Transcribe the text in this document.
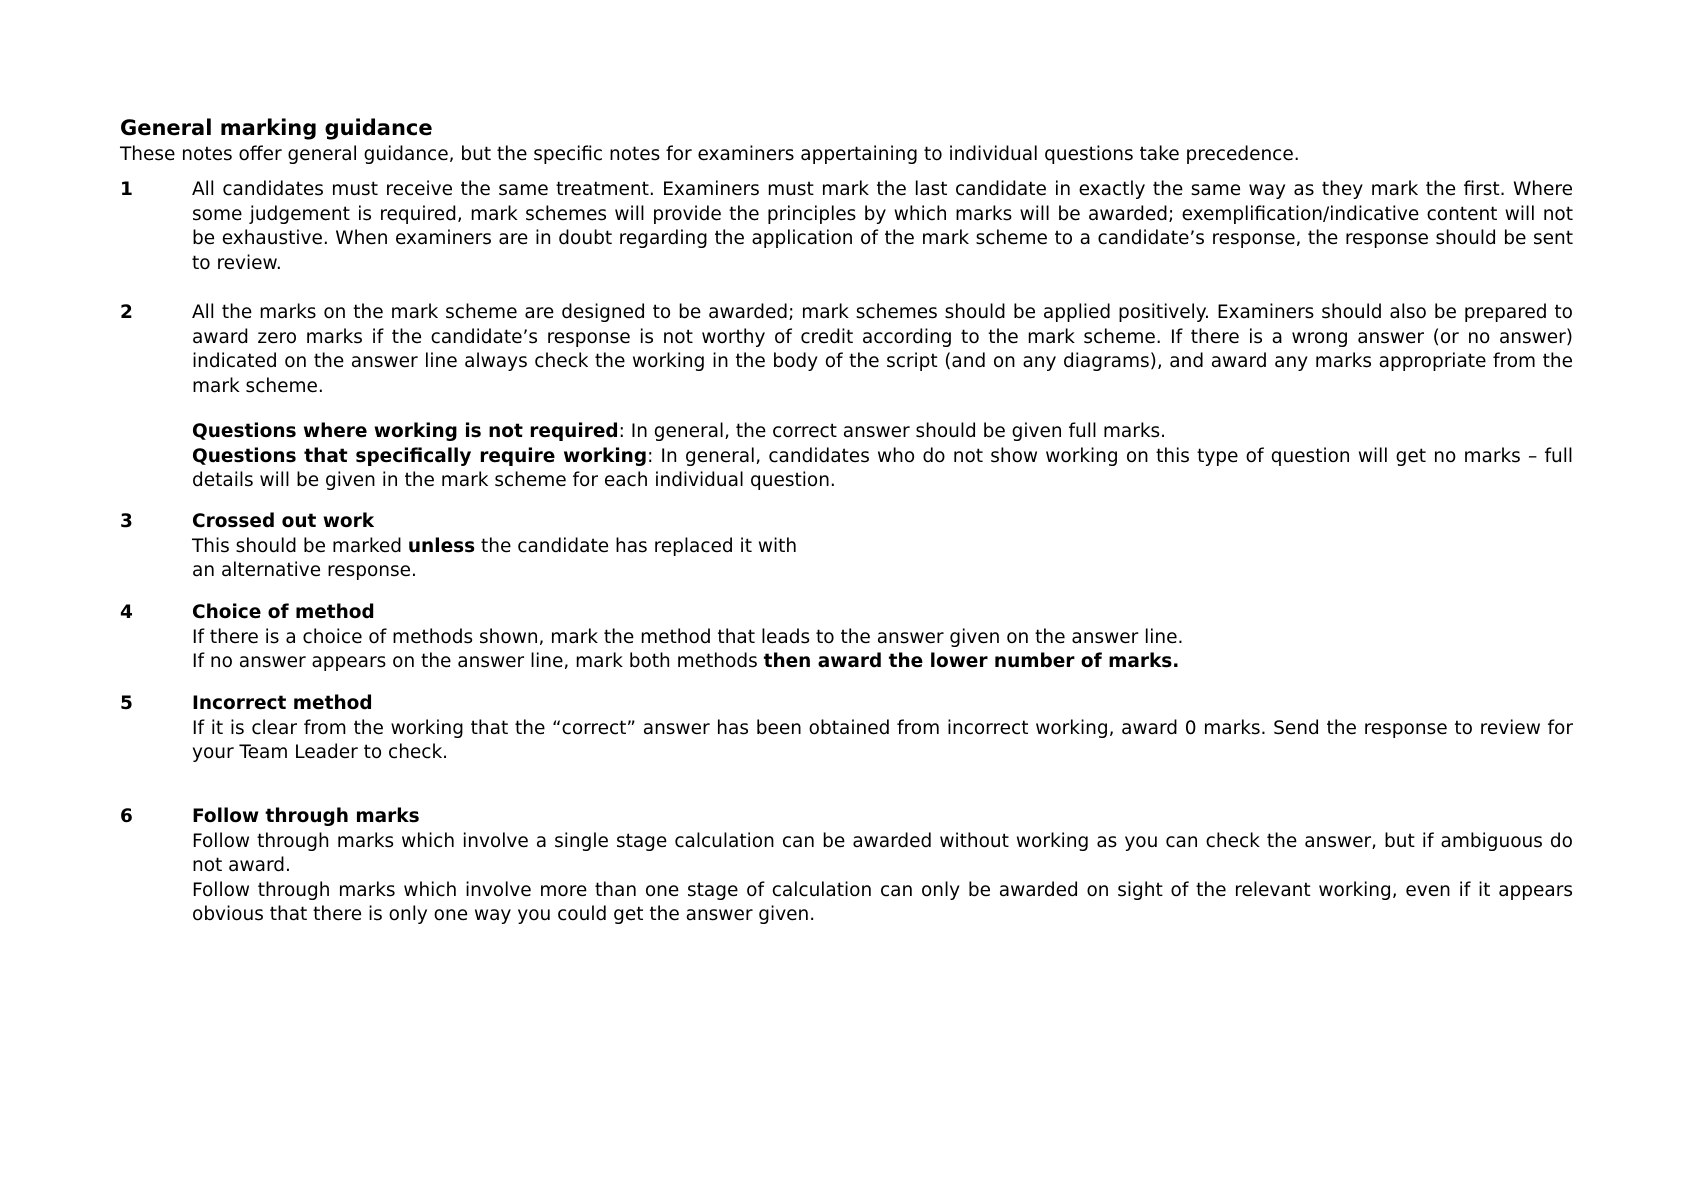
General marking guidance
These notes offer general guidance, but the specific notes for examiners appertaining to individual questions take precedence.
1	All candidates must receive the same treatment. Examiners must mark the last candidate in exactly the same way as they mark the first. Where some judgement is required, mark schemes will provide the principles by which marks will be awarded; exemplification/indicative content will not be exhaustive. When examiners are in doubt regarding the application of the mark scheme to a candidate’s response, the response should be sent to review.
2	All the marks on the mark scheme are designed to be awarded; mark schemes should be applied positively. Examiners should also be prepared to award zero marks if the candidate’s response is not worthy of credit according to the mark scheme. If there is a wrong answer (or no answer) indicated on the answer line always check the working in the body of the script (and on any diagrams), and award any marks appropriate from the mark scheme.
Questions where working is not required: In general, the correct answer should be given full marks.
Questions that specifically require working: In general, candidates who do not show working on this type of question will get no marks – full details will be given in the mark scheme for each individual question.
3	Crossed out work
This should be marked unless the candidate has replaced it with
an alternative response.
4	Choice of method
If there is a choice of methods shown, mark the method that leads to the answer given on the answer line.
If no answer appears on the answer line, mark both methods then award the lower number of marks.
5	Incorrect method
If it is clear from the working that the “correct” answer has been obtained from incorrect working, award 0 marks. Send the response to review for your Team Leader to check.
6	Follow through marks
Follow through marks which involve a single stage calculation can be awarded without working as you can check the answer, but if ambiguous do not award.
Follow through marks which involve more than one stage of calculation can only be awarded on sight of the relevant working, even if it appears obvious that there is only one way you could get the answer given.
